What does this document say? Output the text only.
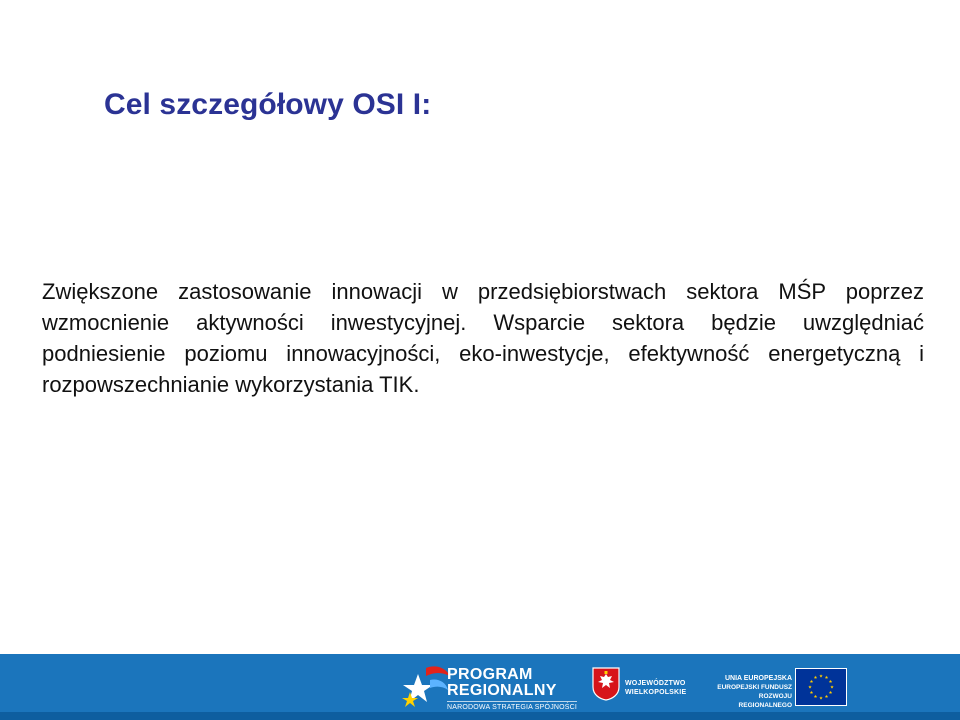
Cel szczegółowy OSI I:

Zwiększone zastosowanie innowacji w przedsiębiorstwach sektora MŚP poprzez wzmocnienie aktywności inwestycyjnej. Wsparcie sektora będzie uwzględniać podniesienie poziomu innowacyjności, eko-inwestycje, efektywność energetyczną i rozpowszechnianie wykorzystania TIK.

PROGRAM
REGIONALNY
NARODOWA STRATEGIA SPÓJNOŚCI
WOJEWÓDZTWO
WIELKOPOLSKIE
UNIA EUROPEJSKA
EUROPEJSKI FUNDUSZ
ROZWOJU REGIONALNEGO
